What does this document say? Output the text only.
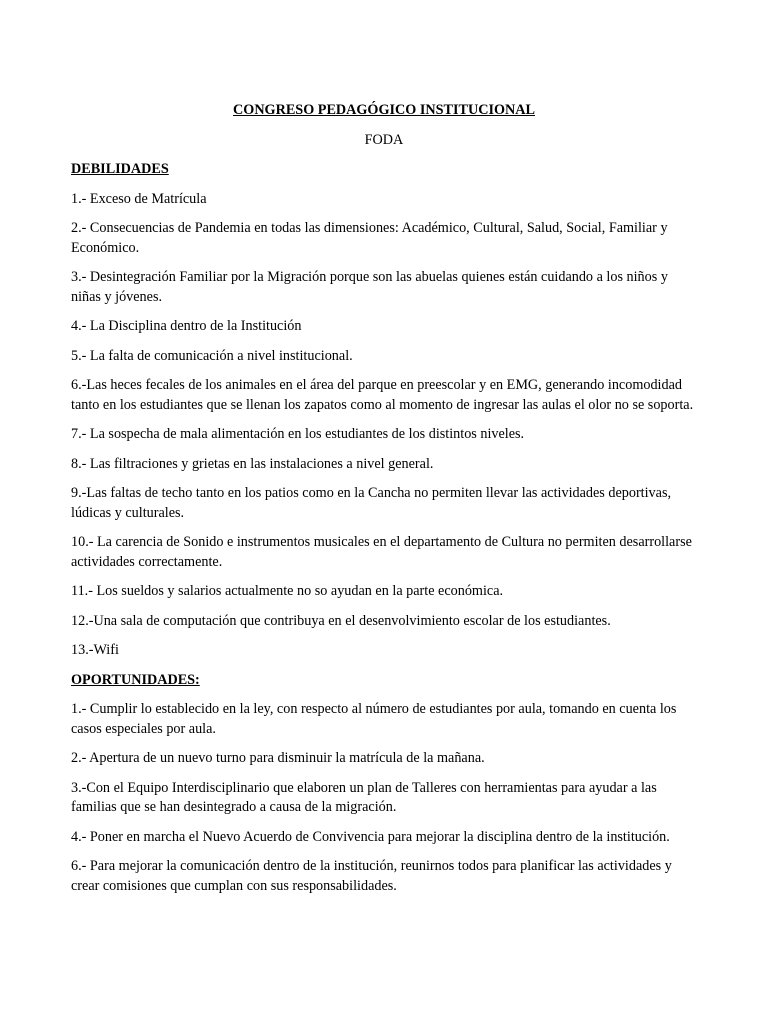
CONGRESO PEDAGÓGICO INSTITUCIONAL
FODA
DEBILIDADES
1.- Exceso de Matrícula
2.- Consecuencias de Pandemia en todas las dimensiones: Académico, Cultural, Salud, Social, Familiar y Económico.
3.- Desintegración Familiar por la Migración porque son las abuelas quienes están cuidando a los niños y niñas y jóvenes.
4.- La Disciplina dentro de la Institución
5.- La falta de comunicación a nivel institucional.
6.-Las heces fecales de los animales en el área del parque en preescolar y en EMG, generando incomodidad tanto en los estudiantes que se llenan los zapatos como al momento de ingresar las aulas el olor no se soporta.
7.- La sospecha de mala alimentación en los estudiantes de los distintos niveles.
8.- Las filtraciones y grietas en las instalaciones a nivel general.
9.-Las faltas de techo tanto en los patios como en la Cancha no permiten llevar las actividades deportivas, lúdicas y culturales.
10.- La carencia de Sonido e instrumentos musicales en el departamento de Cultura no permiten desarrollarse actividades correctamente.
11.- Los sueldos y salarios actualmente no so ayudan en la parte económica.
12.-Una sala de computación que contribuya en el desenvolvimiento escolar de los estudiantes.
13.-Wifi
OPORTUNIDADES:
1.- Cumplir lo establecido en la ley, con respecto al número de estudiantes por aula, tomando en cuenta los casos especiales por aula.
2.- Apertura de un nuevo turno para disminuir la matrícula de la mañana.
3.-Con el Equipo Interdisciplinario que elaboren un plan de Talleres con herramientas para ayudar a las familias que se han desintegrado a causa de la migración.
4.- Poner en marcha el Nuevo Acuerdo de Convivencia para mejorar la disciplina dentro de la institución.
6.- Para mejorar la comunicación dentro de la institución, reunirnos todos para planificar las actividades y crear comisiones que cumplan con sus responsabilidades.
